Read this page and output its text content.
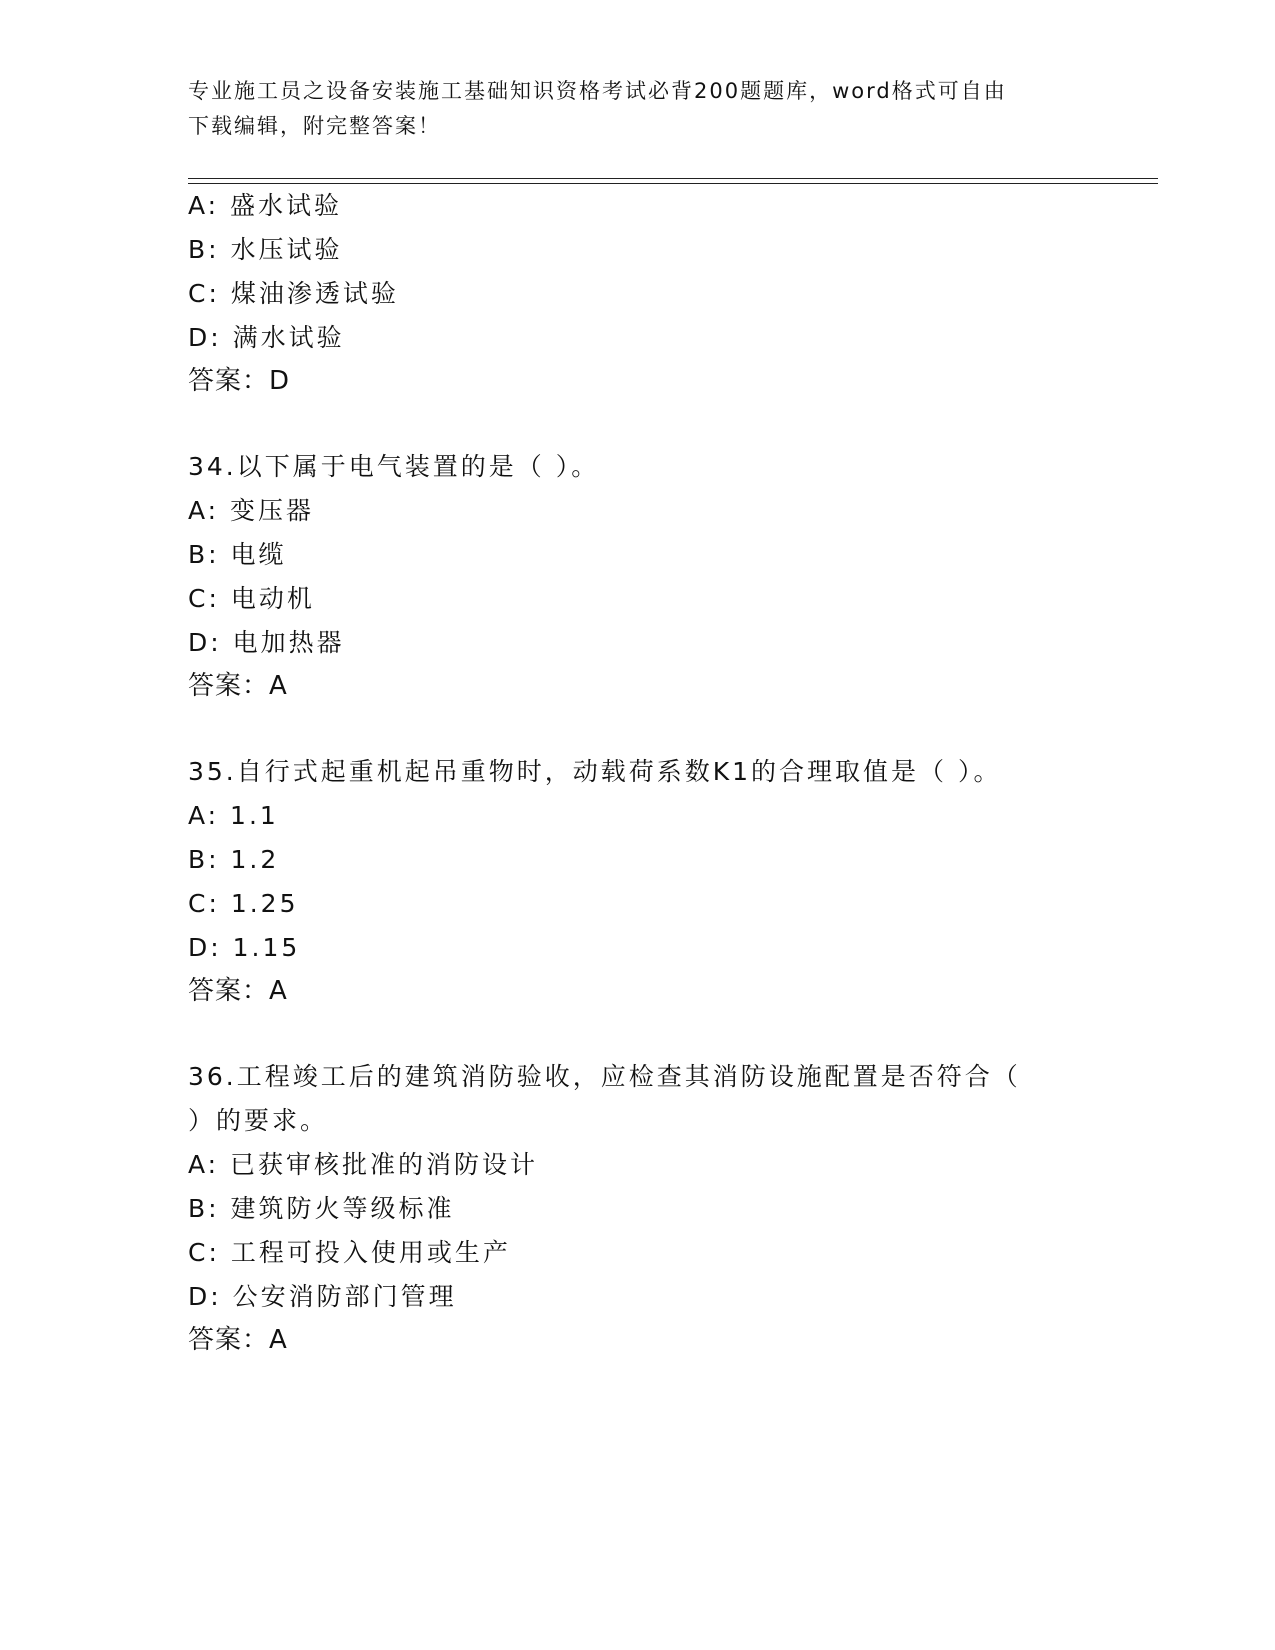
专业施工员之设备安装施工基础知识资格考试必背200题题库，word格式可自由
下载编辑，附完整答案！
A: 盛水试验
B: 水压试验
C: 煤油渗透试验
D: 满水试验
答案：D
34.以下属于电气装置的是（ ）。
A: 变压器
B: 电缆
C: 电动机
D: 电加热器
答案：A
35.自行式起重机起吊重物时，动载荷系数K1的合理取值是（ ）。
A: 1.1
B: 1.2
C: 1.25
D: 1.15
答案：A
36.工程竣工后的建筑消防验收，应检查其消防设施配置是否符合（
）的要求。
A: 已获审核批准的消防设计
B: 建筑防火等级标准
C: 工程可投入使用或生产
D: 公安消防部门管理
答案：A
